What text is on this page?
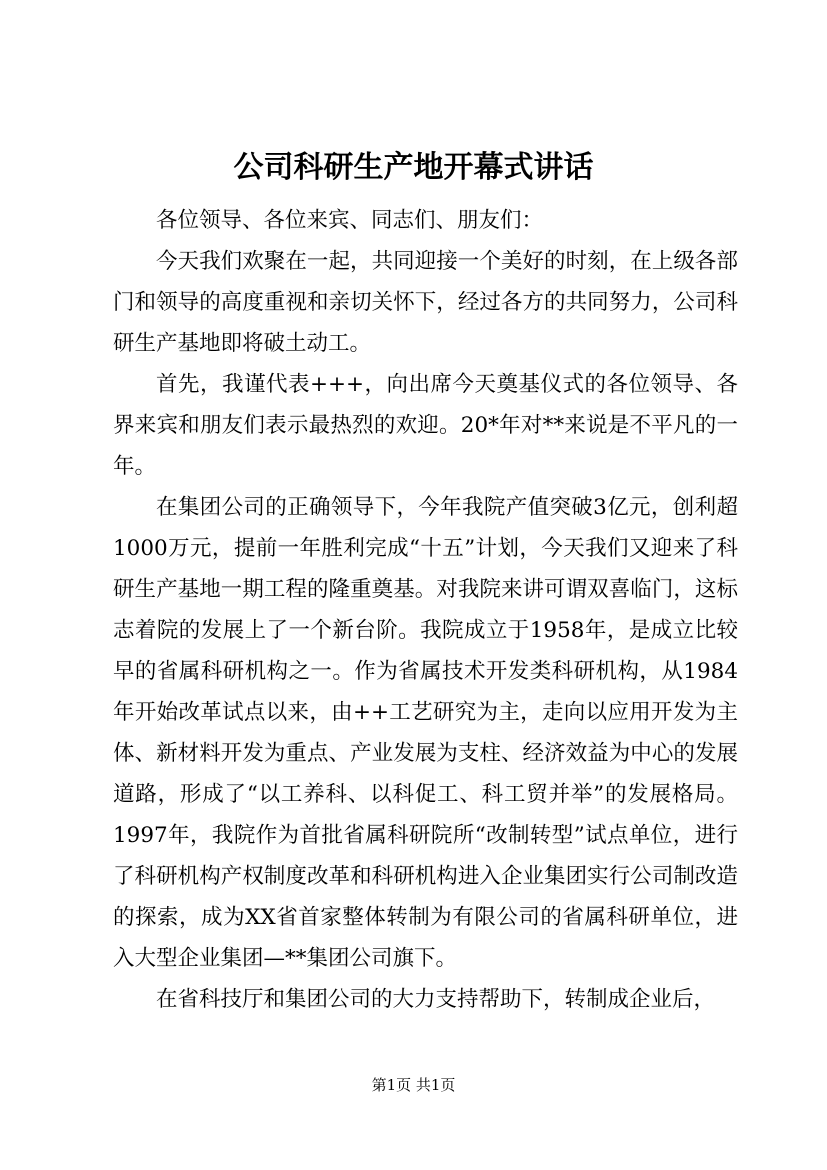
公司科研生产地开幕式讲话

各位领导、各位来宾、同志们、朋友们：

今天我们欢聚在一起，共同迎接一个美好的时刻，在上级各部门和领导的高度重视和亲切关怀下，经过各方的共同努力，公司科研生产基地即将破土动工。

首先，我谨代表+++，向出席今天奠基仪式的各位领导、各界来宾和朋友们表示最热烈的欢迎。20*年对**来说是不平凡的一年。

在集团公司的正确领导下，今年我院产值突破3亿元，创利超1000万元，提前一年胜利完成“十五”计划，今天我们又迎来了科研生产基地一期工程的隆重奠基。对我院来讲可谓双喜临门，这标志着院的发展上了一个新台阶。我院成立于1958年，是成立比较早的省属科研机构之一。作为省属技术开发类科研机构，从1984年开始改革试点以来，由++工艺研究为主，走向以应用开发为主体、新材料开发为重点、产业发展为支柱、经济效益为中心的发展道路，形成了“以工养科、以科促工、科工贸并举”的发展格局。1997年，我院作为首批省属科研院所“改制转型”试点单位，进行了科研机构产权制度改革和科研机构进入企业集团实行公司制改造的探索，成为XX省首家整体转制为有限公司的省属科研单位，进入大型企业集团—**集团公司旗下。

在省科技厅和集团公司的大力支持帮助下，转制成企业后，

第1页 共1页
